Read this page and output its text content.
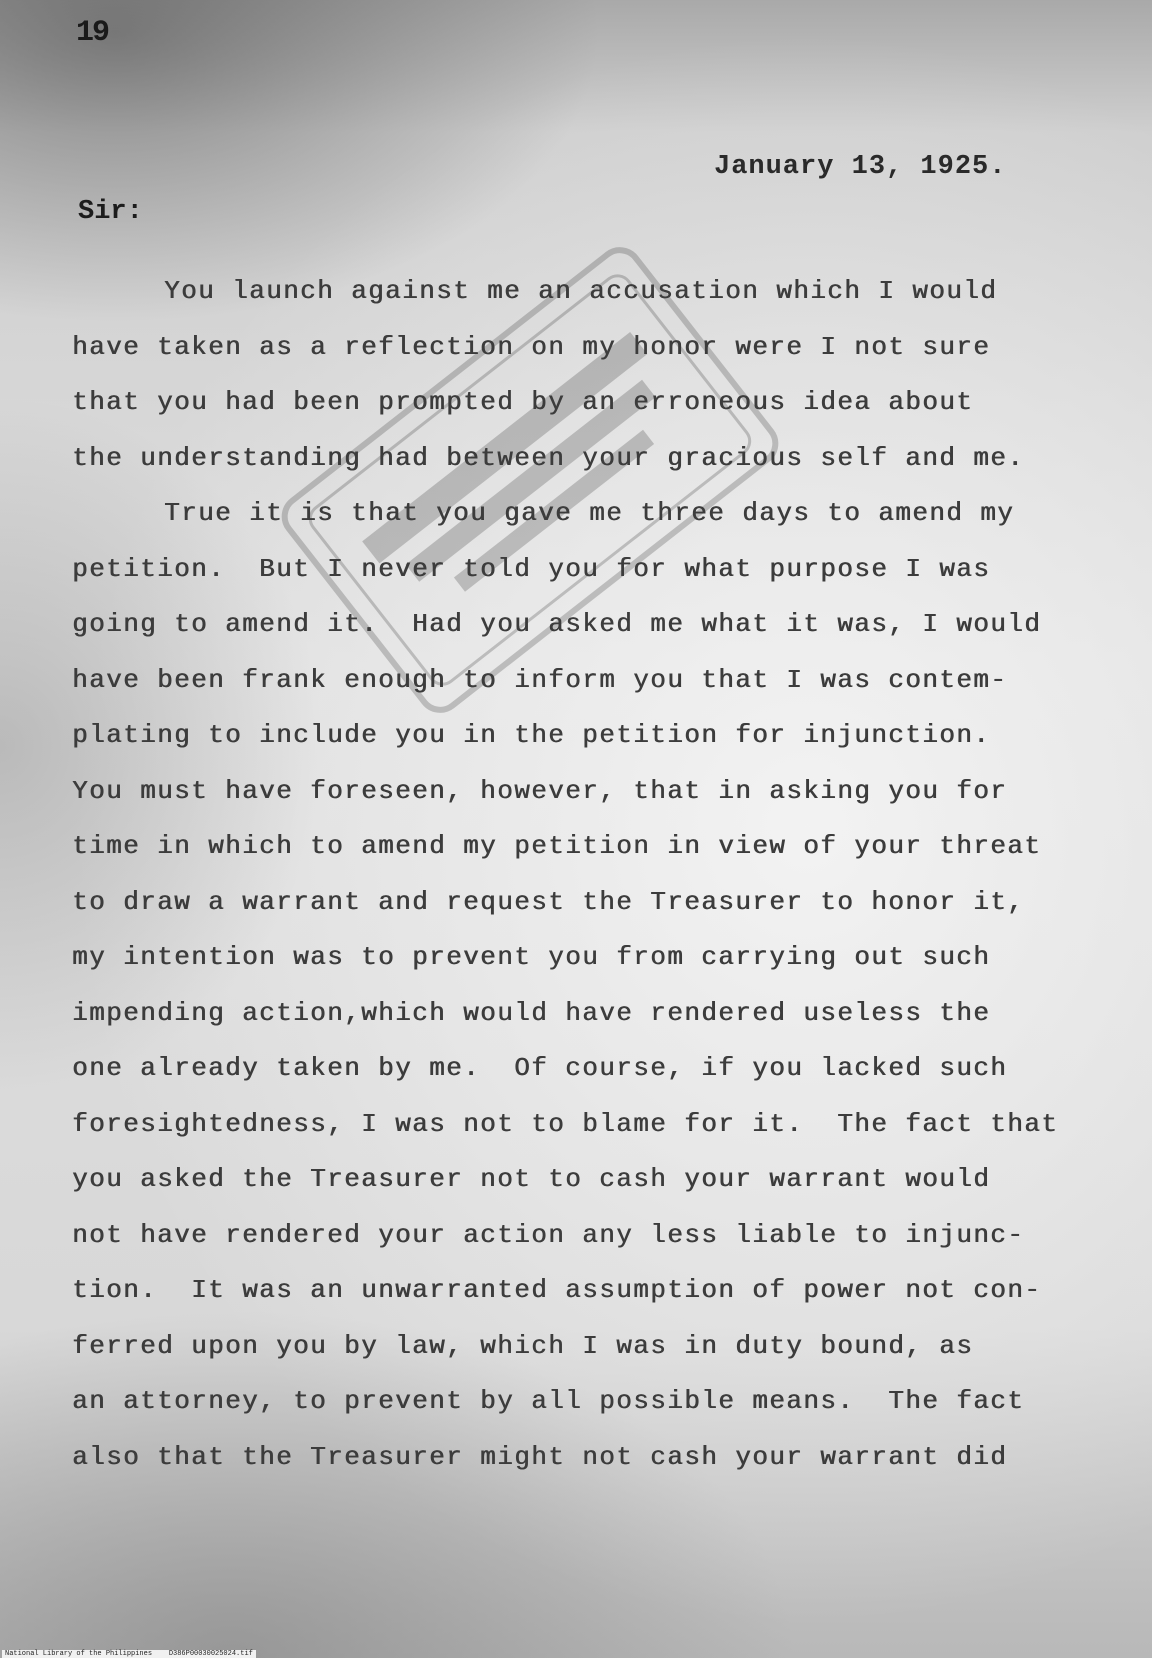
19
January 13, 1925.
Sir:
You launch against me an accusation which I would
have taken as a reflection on my honor were I not sure
that you had been prompted by an erroneous idea about
the understanding had between your gracious self and me.
True it is that you gave me three days to amend my
petition.  But I never told you for what purpose I was
going to amend it.  Had you asked me what it was, I would
have been frank enough to inform you that I was contem-
plating to include you in the petition for injunction.
You must have foreseen, however, that in asking you for
time in which to amend my petition in view of your threat
to draw a warrant and request the Treasurer to honor it,
my intention was to prevent you from carrying out such
impending action,which would have rendered useless the
one already taken by me.  Of course, if you lacked such
foresightedness, I was not to blame for it.  The fact that
you asked the Treasurer not to cash your warrant would
not have rendered your action any less liable to injunc-
tion.  It was an unwarranted assumption of power not con-
ferred upon you by law, which I was in duty bound, as
an attorney, to prevent by all possible means.  The fact
also that the Treasurer might not cash your warrant did
National Library of the Philippines    D386P00030025024.tif
